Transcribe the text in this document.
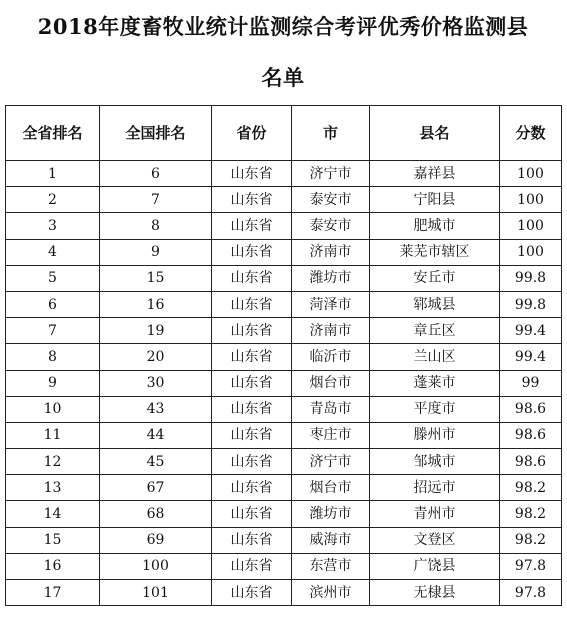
2018年度畜牧业统计监测综合考评优秀价格监测县
名单
全省排名	全国排名	省份	市	县名	分数
1	6	山东省	济宁市	嘉祥县	100
2	7	山东省	泰安市	宁阳县	100
3	8	山东省	泰安市	肥城市	100
4	9	山东省	济南市	莱芜市辖区	100
5	15	山东省	潍坊市	安丘市	99.8
6	16	山东省	菏泽市	郓城县	99.8
7	19	山东省	济南市	章丘区	99.4
8	20	山东省	临沂市	兰山区	99.4
9	30	山东省	烟台市	蓬莱市	99
10	43	山东省	青岛市	平度市	98.6
11	44	山东省	枣庄市	滕州市	98.6
12	45	山东省	济宁市	邹城市	98.6
13	67	山东省	烟台市	招远市	98.2
14	68	山东省	潍坊市	青州市	98.2
15	69	山东省	威海市	文登区	98.2
16	100	山东省	东营市	广饶县	97.8
17	101	山东省	滨州市	无棣县	97.8
